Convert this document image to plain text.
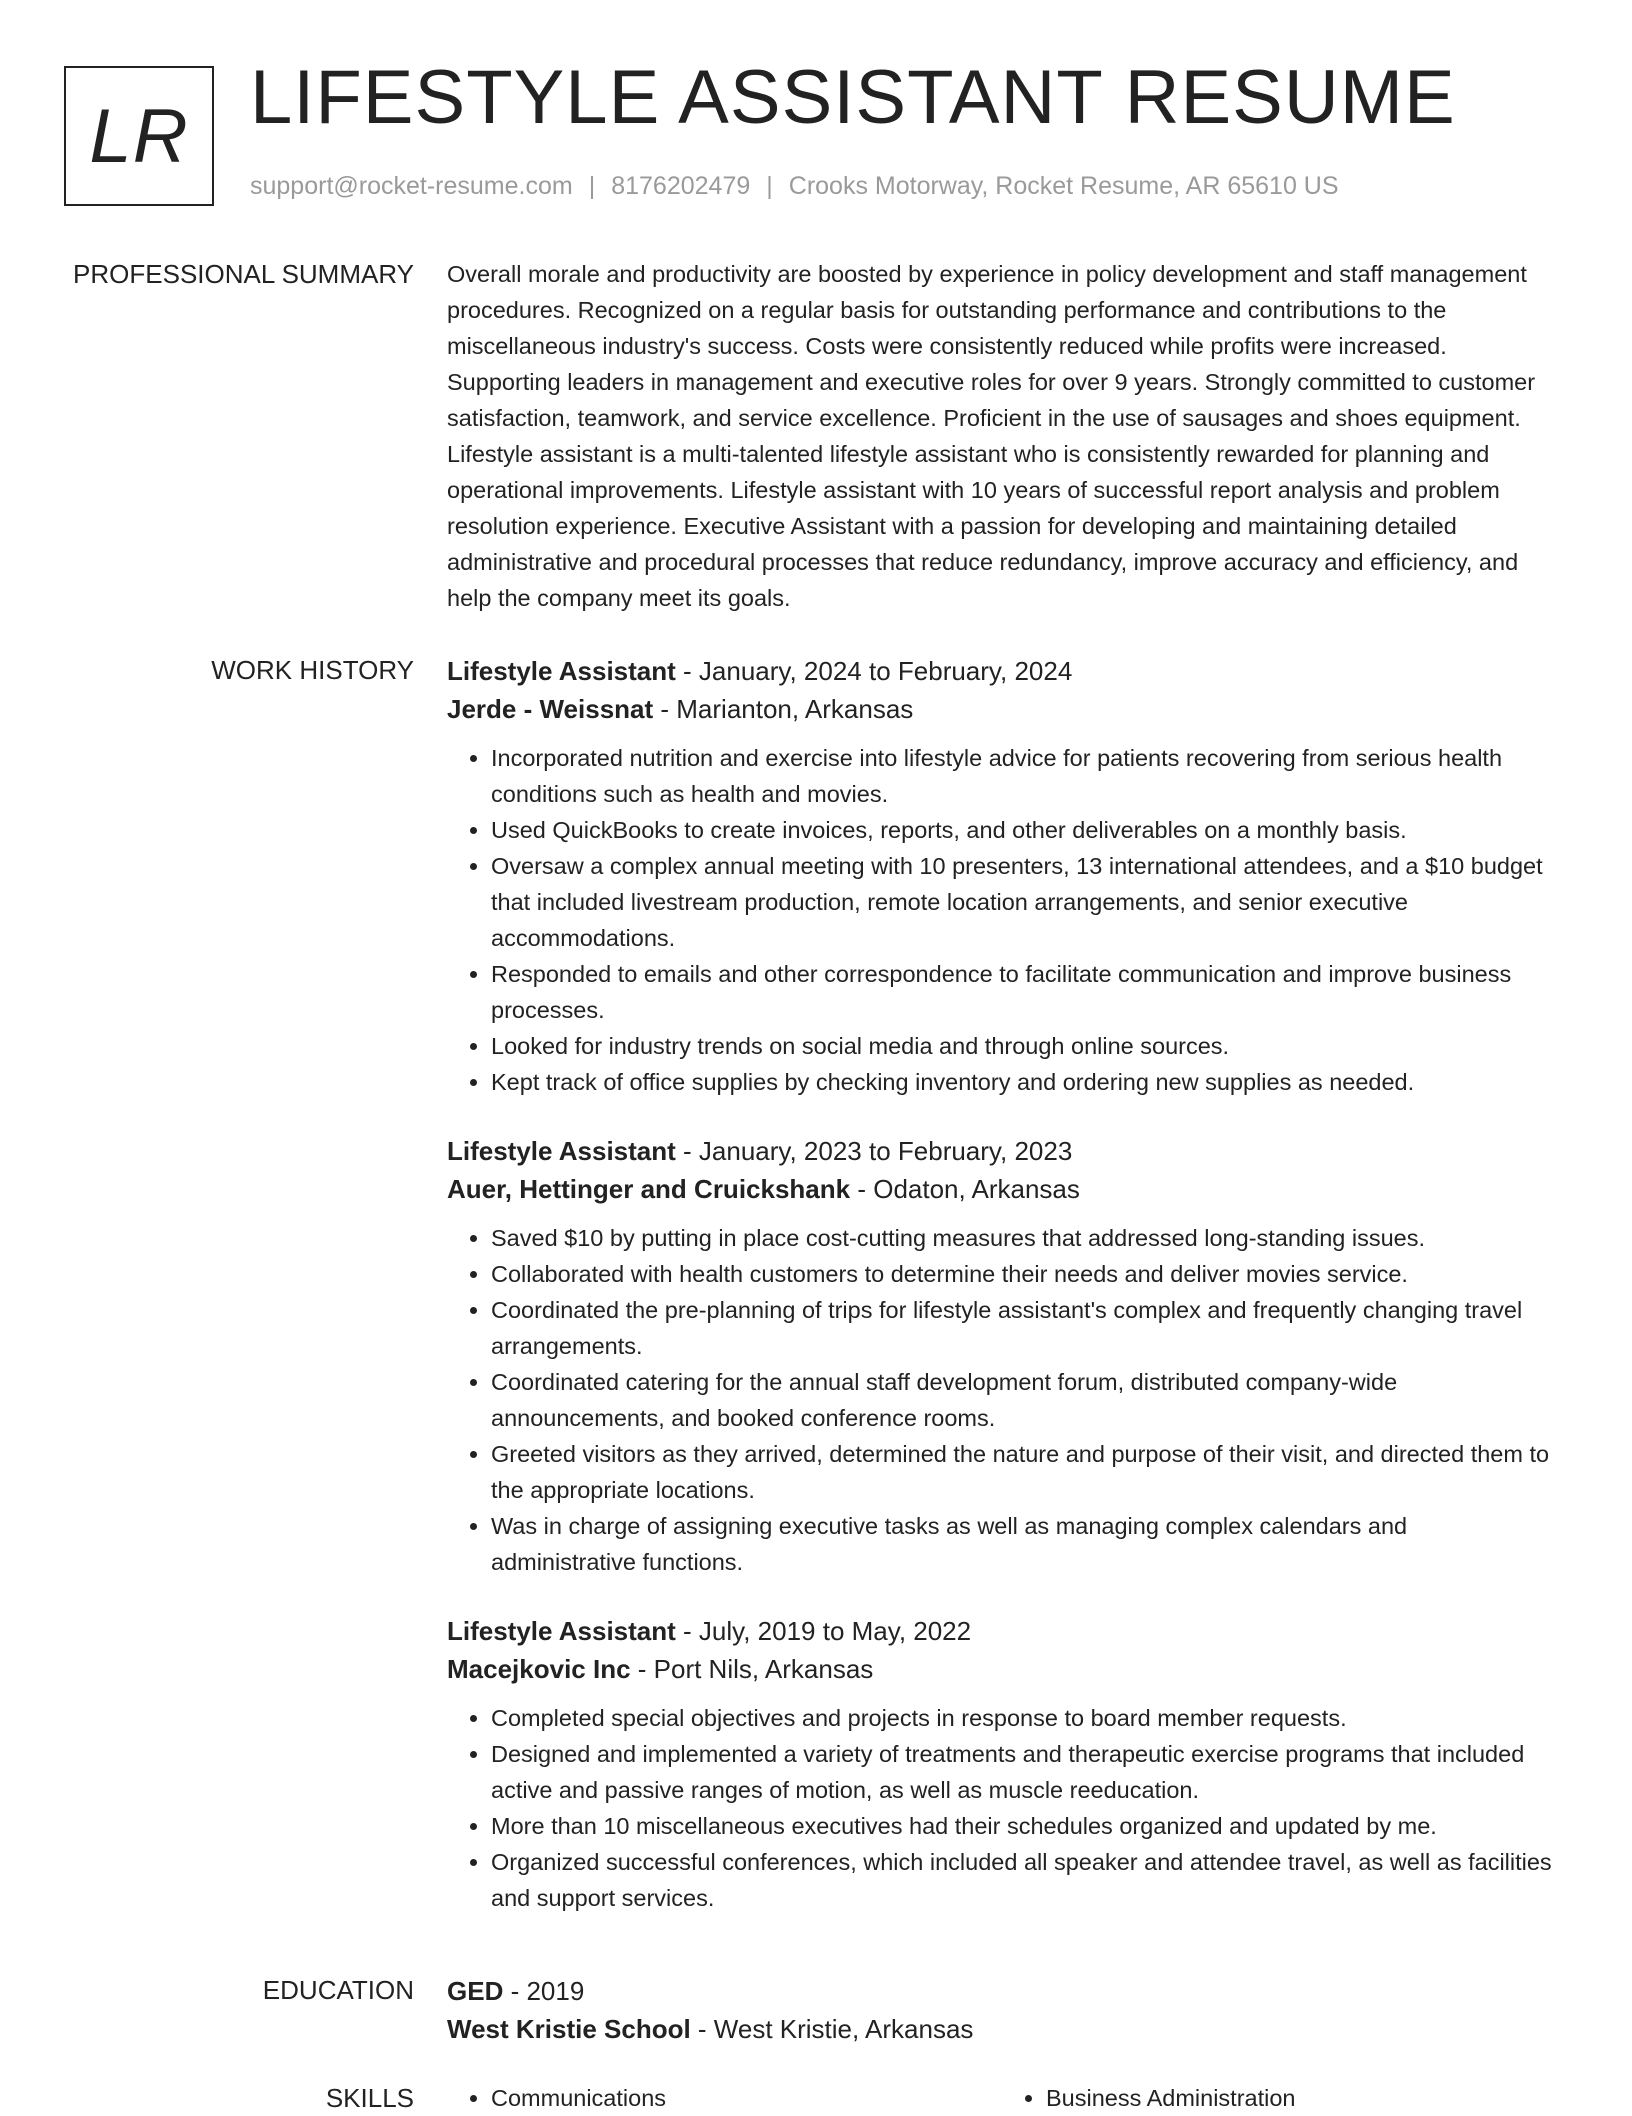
LR LIFESTYLE ASSISTANT RESUME
support@rocket-resume.com | 8176202479 | Crooks Motorway, Rocket Resume, AR 65610 US
PROFESSIONAL SUMMARY Overall morale and productivity are boosted by experience in policy development and staff management procedures. Recognized on a regular basis for outstanding performance and contributions to the miscellaneous industry's success. Costs were consistently reduced while profits were increased. Supporting leaders in management and executive roles for over 9 years. Strongly committed to customer satisfaction, teamwork, and service excellence. Proficient in the use of sausages and shoes equipment. Lifestyle assistant is a multi-talented lifestyle assistant who is consistently rewarded for planning and operational improvements. Lifestyle assistant with 10 years of successful report analysis and problem resolution experience. Executive Assistant with a passion for developing and maintaining detailed administrative and procedural processes that reduce redundancy, improve accuracy and efficiency, and help the company meet its goals.

WORK HISTORY Lifestyle Assistant - January, 2024 to February, 2024
Jerde - Weissnat - Marianton, Arkansas
• Incorporated nutrition and exercise into lifestyle advice for patients recovering from serious health conditions such as health and movies.
• Used QuickBooks to create invoices, reports, and other deliverables on a monthly basis.
• Oversaw a complex annual meeting with 10 presenters, 13 international attendees, and a $10 budget that included livestream production, remote location arrangements, and senior executive accommodations.
• Responded to emails and other correspondence to facilitate communication and improve business processes.
• Looked for industry trends on social media and through online sources.
• Kept track of office supplies by checking inventory and ordering new supplies as needed.
Lifestyle Assistant - January, 2023 to February, 2023
Auer, Hettinger and Cruickshank - Odaton, Arkansas
• Saved $10 by putting in place cost-cutting measures that addressed long-standing issues.
• Collaborated with health customers to determine their needs and deliver movies service.
• Coordinated the pre-planning of trips for lifestyle assistant's complex and frequently changing travel arrangements.
• Coordinated catering for the annual staff development forum, distributed company-wide announcements, and booked conference rooms.
• Greeted visitors as they arrived, determined the nature and purpose of their visit, and directed them to the appropriate locations.
• Was in charge of assigning executive tasks as well as managing complex calendars and administrative functions.
Lifestyle Assistant - July, 2019 to May, 2022
Macejkovic Inc - Port Nils, Arkansas
• Completed special objectives and projects in response to board member requests.
• Designed and implemented a variety of treatments and therapeutic exercise programs that included active and passive ranges of motion, as well as muscle reeducation.
• More than 10 miscellaneous executives had their schedules organized and updated by me.
• Organized successful conferences, which included all speaker and attendee travel, as well as facilities and support services.
EDUCATION GED - 2019
West Kristie School - West Kristie, Arkansas
SKILLS	• Communications	• Business Administration
